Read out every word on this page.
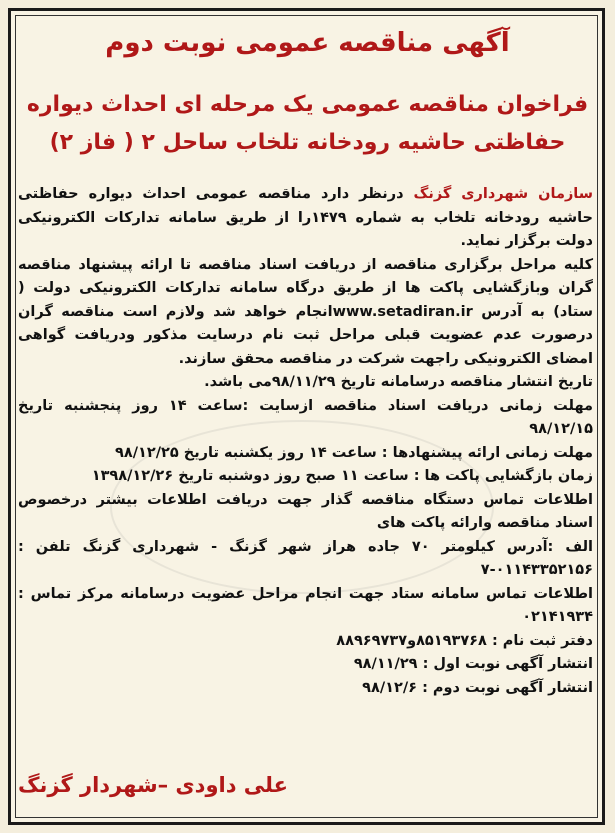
آگهی مناقصه عمومی نوبت دوم
فراخوان مناقصه عمومی یک مرحله ای احداث دیواره
حفاظتی حاشیه رودخانه تلخاب ساحل ۲ ( فاز ۲)

سازمان شهرداری گزنگ درنظر دارد مناقصه عمومی احداث دیواره حفاظتی حاشیه رودخانه تلخاب به شماره ۱۴۷۹را از طریق سامانه تدارکات الکترونیکی دولت برگزار نماید.

کلیه مراحل برگزاری مناقصه از دریافت اسناد مناقصه تا ارائه پیشنهاد مناقصه گران وبازگشایی پاکت ها از طریق درگاه سامانه تدارکات الکترونیکی دولت ( ستاد) به آدرس www.setadiran.irانجام خواهد شد ولازم است مناقصه گران درصورت عدم عضویت قبلی مراحل ثبت نام درسایت مذکور ودریافت گواهی امضای الکترونیکی راجهت شرکت در مناقصه محقق سازند.

تاریخ انتشار مناقصه درسامانه تاریخ ۹۸/۱۱/۲۹می باشد.

مهلت زمانی دریافت اسناد مناقصه ازسایت :ساعت ۱۴ روز پنجشنبه تاریخ ۹۸/۱۲/۱۵

مهلت زمانی ارائه پیشنهادها : ساعت ۱۴ روز یکشنبه تاریخ ۹۸/۱۲/۲۵

زمان بازگشایی پاکت ها : ساعت ۱۱ صبح روز دوشنبه تاریخ ۱۳۹۸/۱۲/۲۶

اطلاعات تماس دستگاه مناقصه گذار جهت دریافت اطلاعات بیشتر درخصوص اسناد مناقصه وارائه پاکت های

الف :آدرس کیلومتر ۷۰ جاده هراز شهر گزنگ - شهرداری گزنگ تلفن : ۰۱۱۴۳۳۵۲۱۵۶-۷

اطلاعات تماس سامانه ستاد جهت انجام مراحل عضویت درسامانه مرکز تماس : ۰۲۱۴۱۹۳۴

دفتر ثبت نام : ۸۵۱۹۳۷۶۸و۸۸۹۶۹۷۳۷

انتشار آگهی نوبت اول : ۹۸/۱۱/۲۹

انتشار آگهی نوبت دوم : ۹۸/۱۲/۶

علی داودی –شهردار گزنگ
